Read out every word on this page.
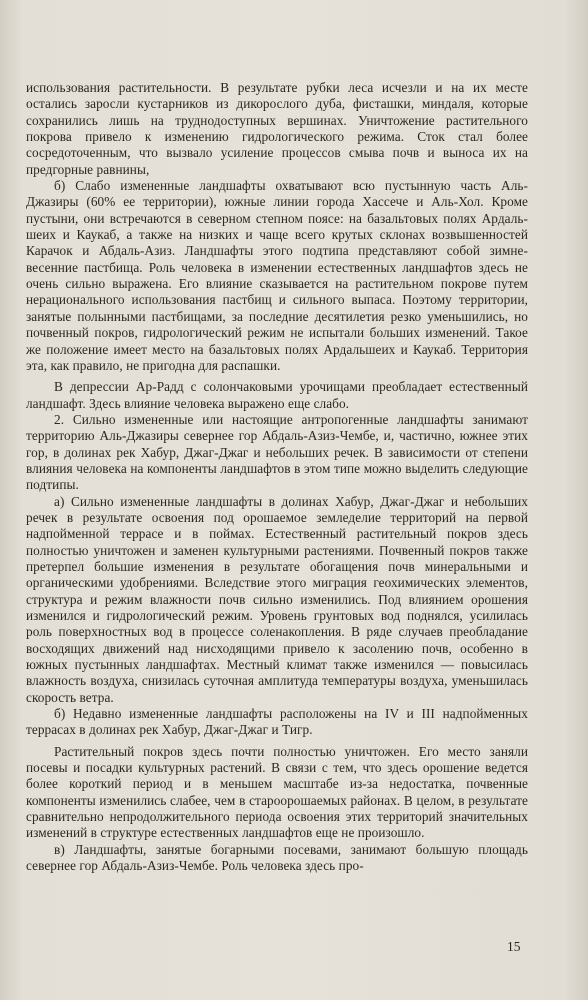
использования растительности. В результате рубки леса исчезли и на их месте остались заросли кустарников из дикорослого дуба, фисташки, миндаля, которые сохранились лишь на труднодоступных вершинах. Уничтожение растительного покрова привело к изменению гидрологического режима. Сток стал более сосредоточенным, что вызвало усиление процессов смыва почв и выноса их на предгорные равнины,

б) Слабо измененные ландшафты охватывают всю пустынную часть Аль-Джазиры (60% ее территории), южные линии города Хассече и Аль-Хол. Кроме пустыни, они встречаются в северном степном поясе: на базальтовых полях Ардаль-шеих и Каукаб, а также на низких и чаще всего крутых склонах возвышенностей Карачок и Абдаль-Азиз. Ландшафты этого подтипа представляют собой зимне-весенние пастбища. Роль человека в изменении естественных ландшафтов здесь не очень сильно выражена. Его влияние сказывается на растительном покрове путем нерационального использования пастбищ и сильного выпаса. Поэтому территории, занятые полынными пастбищами, за последние десятилетия резко уменьшились, но почвенный покров, гидрологический режим не испытали больших изменений. Такое же положение имеет место на базальтовых полях Ардальшеих и Каукаб. Территория эта, как правило, не пригодна для распашки.

В депрессии Ар-Радд с солончаковыми урочищами преобладает естественный ландшафт. Здесь влияние человека выражено еще слабо.

2. Сильно измененные или настоящие антропогенные ландшафты занимают территорию Аль-Джазиры севернее гор Абдаль-Азиз-Чембе, и, частично, южнее этих гор, в долинах рек Хабур, Джаг-Джаг и небольших речек. В зависимости от степени влияния человека на компоненты ландшафтов в этом типе можно выделить следующие подтипы.

а) Сильно измененные ландшафты в долинах Хабур, Джаг-Джаг и небольших речек в результате освоения под орошаемое земледелие территорий на первой надпойменной террасе и в поймах. Естественный растительный покров здесь полностью уничтожен и заменен культурными растениями. Почвенный покров также претерпел большие изменения в результате обогащения почв минеральными и органическими удобрениями. Вследствие этого миграция геохимических элементов, структура и режим влажности почв сильно изменились. Под влиянием орошения изменился и гидрологический режим. Уровень грунтовых вод поднялся, усилилась роль поверхностных вод в процессе соленакопления. В ряде случаев преобладание восходящих движений над нисходящими привело к засолению почв, особенно в южных пустынных ландшафтах. Местный климат также изменился — повысилась влажность воздуха, снизилась суточная амплитуда температуры воздуха, уменьшилась скорость ветра.

б) Недавно измененные ландшафты расположены на IV и III надпойменных террасах в долинах рек Хабур, Джаг-Джаг и Тигр.

Растительный покров здесь почти полностью уничтожен. Его место заняли посевы и посадки культурных растений. В связи с тем, что здесь орошение ведется более короткий период и в меньшем масштабе из-за недостатка, почвенные компоненты изменились слабее, чем в староорошаемых районах. В целом, в результате сравнительно непродолжительного периода освоения этих территорий значительных изменений в структуре естественных ландшафтов еще не произошло.

в) Ландшафты, занятые богарными посевами, занимают большую площадь севернее гор Абдаль-Азиз-Чембе. Роль человека здесь про-

15
